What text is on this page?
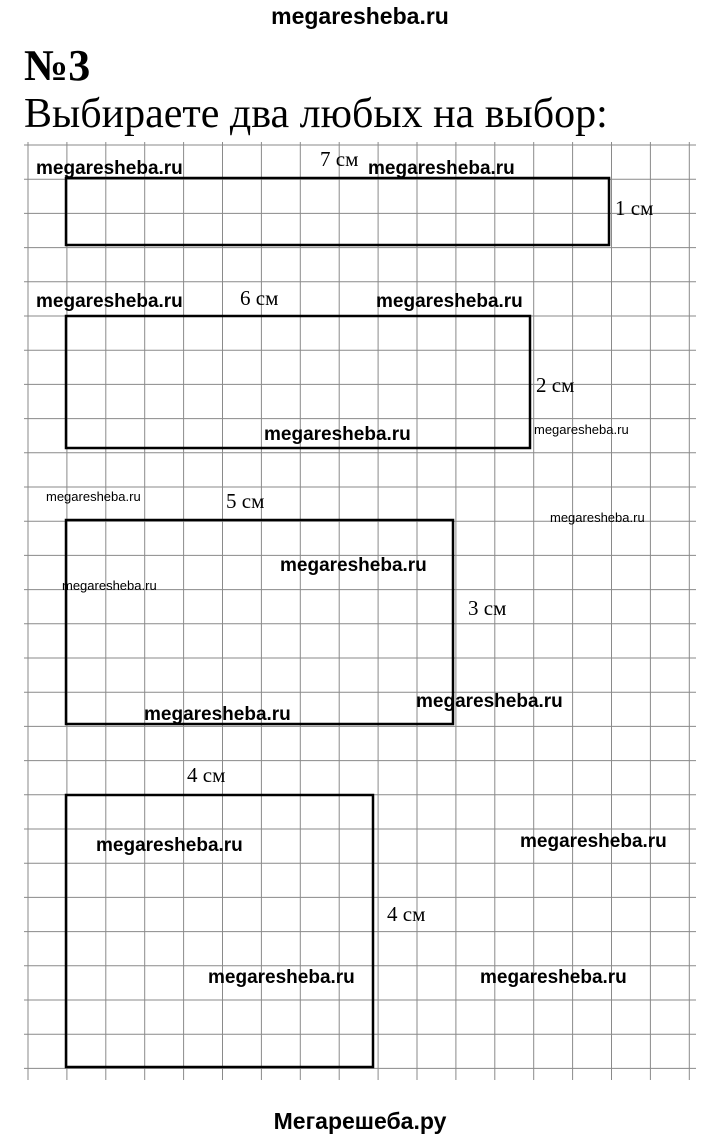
megaresheba.ru
№3
Выбираете два любых на выбор:
7 см
1 см
6 см
2 см
5 см
3 см
4 см
4 см
megaresheba.ru	megaresheba.ru
megaresheba.ru	megaresheba.ru
megaresheba.ru
megaresheba.ru
megaresheba.ru
megaresheba.ru
megaresheba.ru	megaresheba.ru
megaresheba.ru	megaresheba.ru
megaresheba.ru
megaresheba.ru
megaresheba.ru
megaresheba.ru
Мегарешеба.ру
